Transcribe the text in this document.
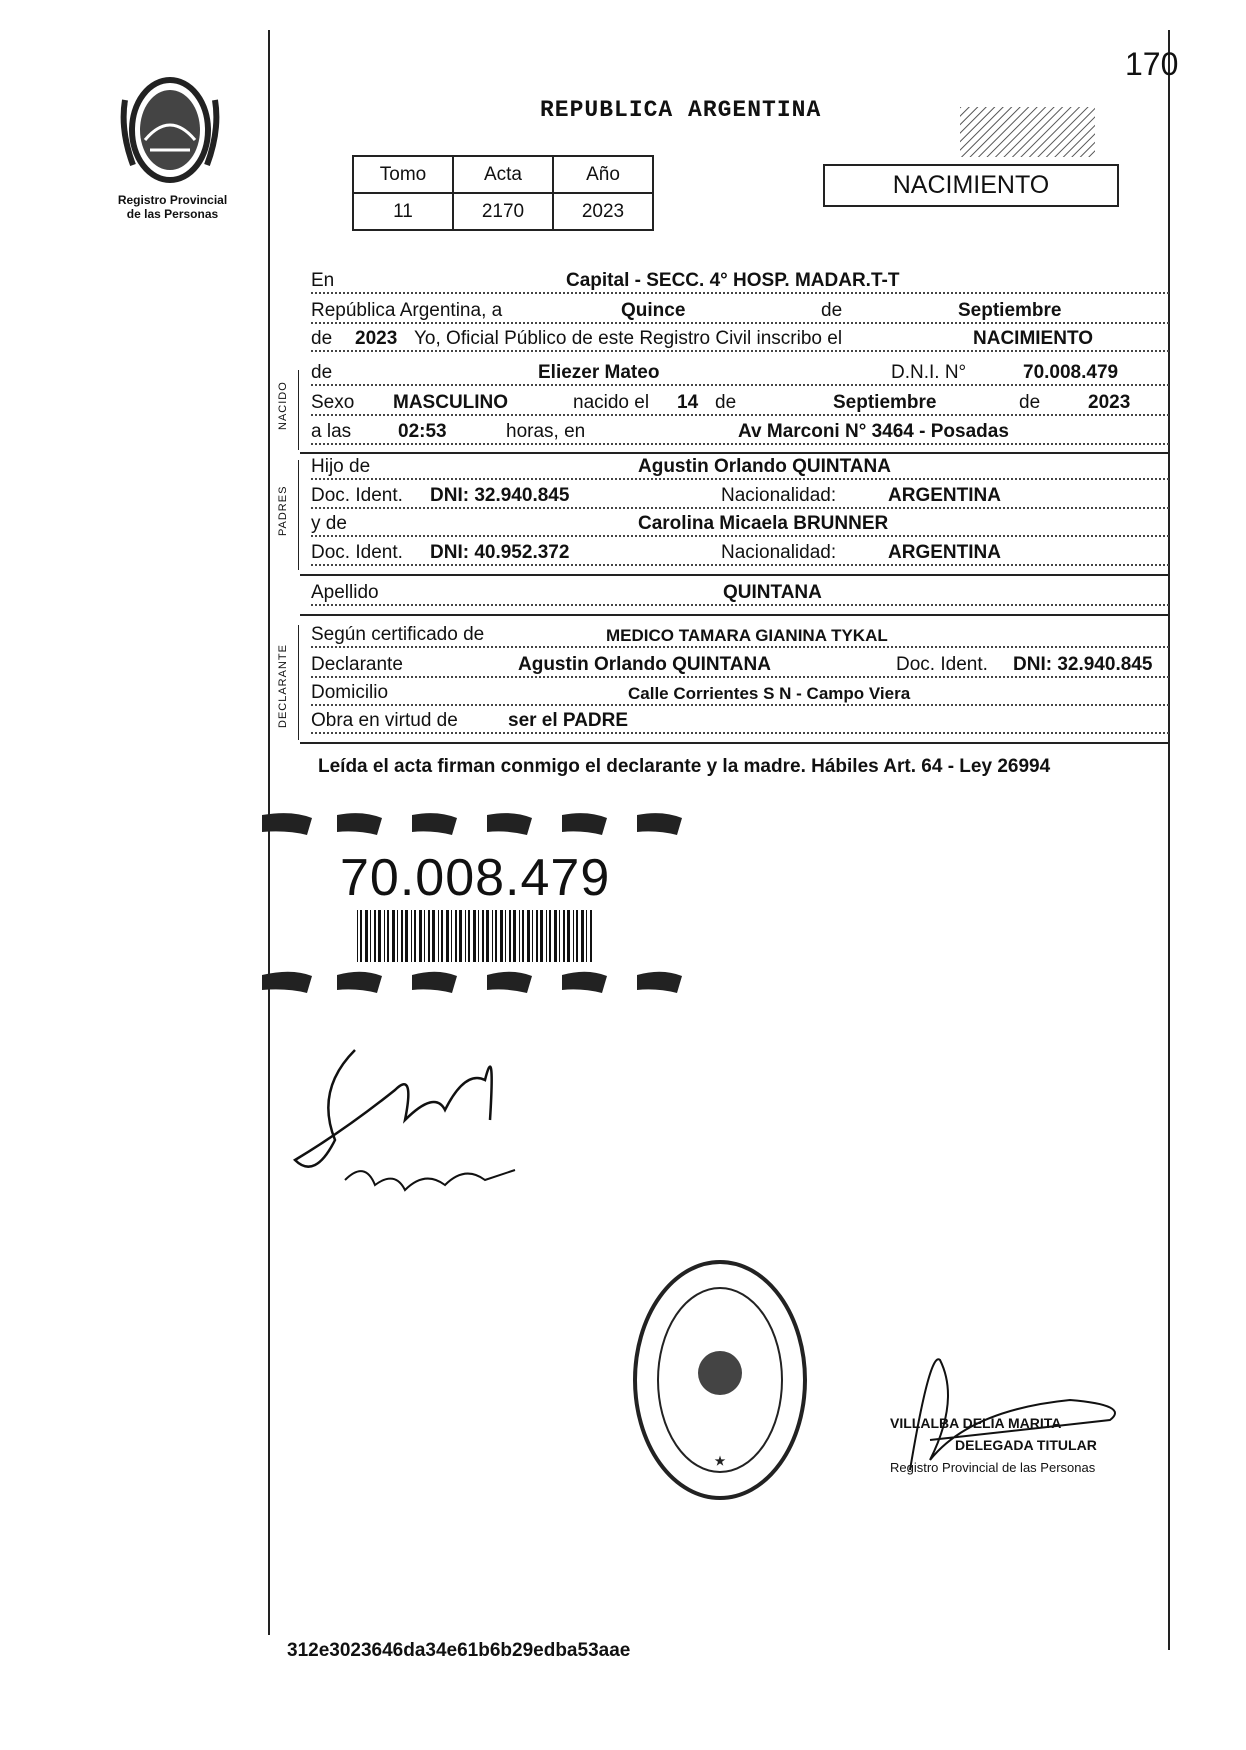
Registro Provincial
de las Personas
170
REPUBLICA ARGENTINA
Tomo	Acta	Año
11	2170	2023
NACIMIENTO
En	Capital - SECC. 4° HOSP. MADAR.T-T
República Argentina, a	Quince	de	Septiembre
de 2023 Yo, Oficial Público de este Registro Civil inscribo el	NACIMIENTO
NACIDO
de	Eliezer Mateo	D.N.I. N°	70.008.479
Sexo MASCULINO	nacido el 14 de	Septiembre	de	2023
a las 02:53	horas, en	Av Marconi N° 3464 - Posadas
PADRES
Hijo de	Agustin Orlando QUINTANA
Doc. Ident. DNI: 32.940.845	Nacionalidad:	ARGENTINA
y de	Carolina Micaela BRUNNER
Doc. Ident. DNI: 40.952.372	Nacionalidad:	ARGENTINA
Apellido	QUINTANA
DECLARANTE
Según certificado de	MEDICO TAMARA GIANINA TYKAL
Declarante	Agustin Orlando QUINTANA	Doc. Ident. DNI: 32.940.845
Domicilio	Calle Corrientes S N - Campo Viera
Obra en virtud de	ser el PADRE
Leída el acta firman conmigo el declarante y la madre. Hábiles Art. 64 - Ley 26994
70.008.479
★
VILLALBA DELIA MARITA
DELEGADA TITULAR
Registro Provincial de las Personas
312e3023646da34e61b6b29edba53aae
